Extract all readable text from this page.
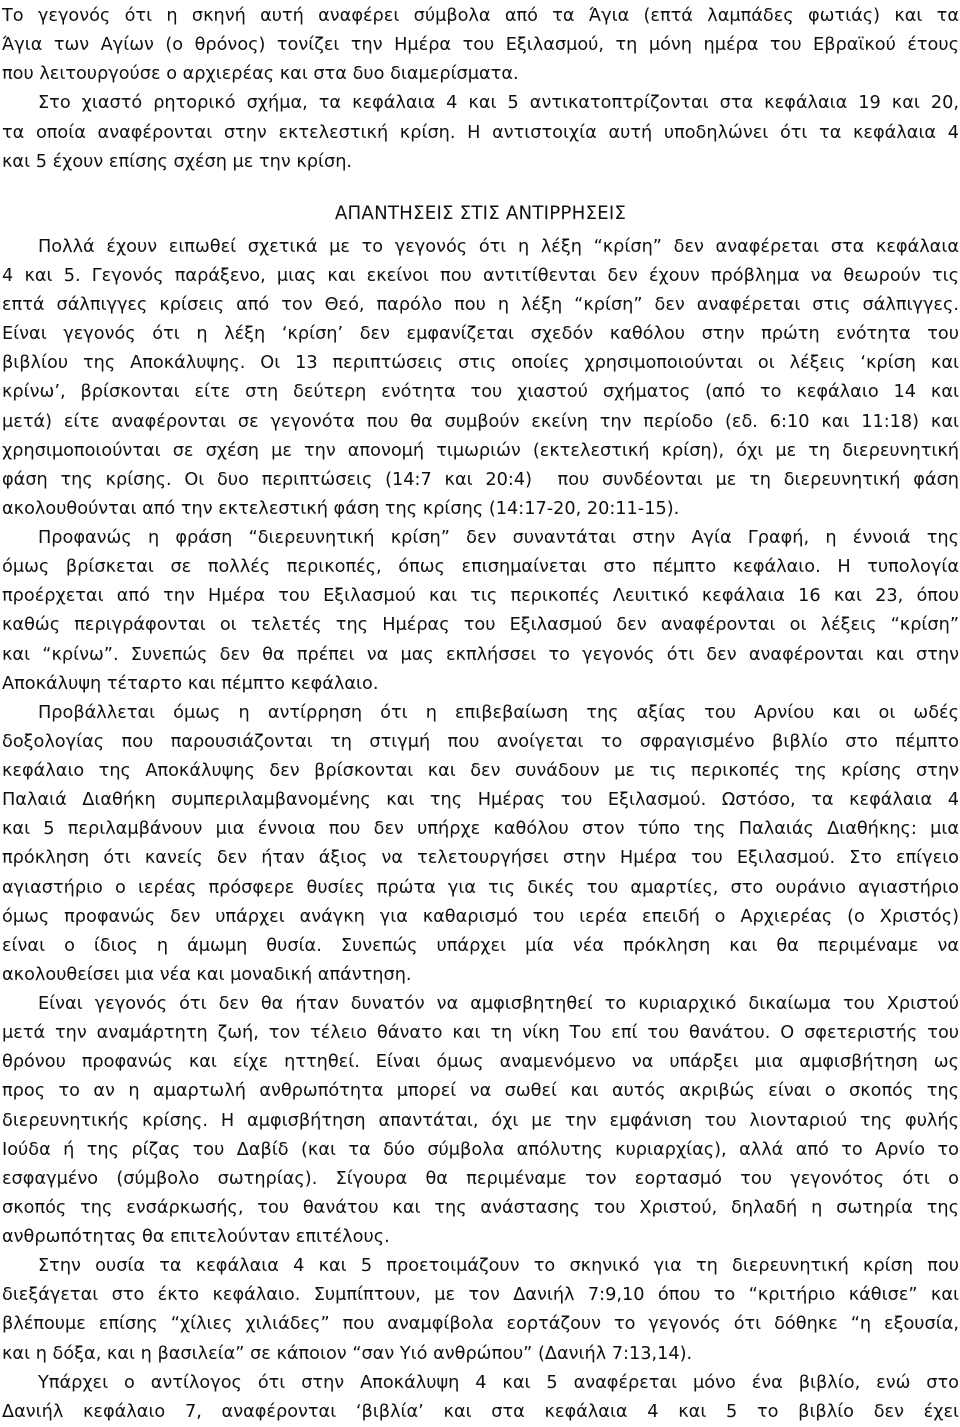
Το γεγονός ότι η σκηνή αυτή αναφέρει σύμβολα από τα Άγια (επτά λαμπάδες φωτιάς) και τα
Άγια των Αγίων (ο θρόνος) τονίζει την Ημέρα του Εξιλασμού, τη μόνη ημέρα του Εβραϊκού έτους
που λειτουργούσε ο αρχιερέας και στα δυο διαμερίσματα.
Στο χιαστό ρητορικό σχήμα, τα κεφάλαια 4 και 5 αντικατοπτρίζονται στα κεφάλαια 19 και 20,
τα οποία αναφέρονται στην εκτελεστική κρίση. Η αντιστοιχία αυτή υποδηλώνει ότι τα κεφάλαια 4
και 5 έχουν επίσης σχέση με την κρίση.
ΑΠΑΝΤΗΣΕΙΣ ΣΤΙΣ ΑΝΤΙΡΡΗΣΕΙΣ
Πολλά έχουν ειπωθεί σχετικά με το γεγονός ότι η λέξη “κρίση” δεν αναφέρεται στα κεφάλαια
4 και 5. Γεγονός παράξενο, μιας και εκείνοι που αντιτίθενται δεν έχουν πρόβλημα να θεωρούν τις
επτά σάλπιγγες κρίσεις από τον Θεό, παρόλο που η λέξη “κρίση” δεν αναφέρεται στις σάλπιγγες.
Είναι γεγονός ότι η λέξη ‘κρίση’ δεν εμφανίζεται σχεδόν καθόλου στην πρώτη ενότητα του
βιβλίου της Αποκάλυψης. Οι 13 περιπτώσεις στις οποίες χρησιμοποιούνται οι λέξεις ‘κρίση και
κρίνω’, βρίσκονται είτε στη δεύτερη ενότητα του χιαστού σχήματος (από το κεφάλαιο 14 και
μετά) είτε αναφέρονται σε γεγονότα που θα συμβούν εκείνη την περίοδο (εδ. 6:10 και 11:18) και
χρησιμοποιούνται σε σχέση με την απονομή τιμωριών (εκτελεστική κρίση), όχι με τη διερευνητική
φάση της κρίσης. Οι δυο περιπτώσεις (14:7 και 20:4)  που συνδέονται με τη διερευνητική φάση
ακολουθούνται από την εκτελεστική φάση της κρίσης (14:17-20, 20:11-15).
Προφανώς η φράση “διερευνητική κρίση” δεν συναντάται στην Αγία Γραφή, η έννοιά της
όμως βρίσκεται σε πολλές περικοπές, όπως επισημαίνεται στο πέμπτο κεφάλαιο. Η τυπολογία
προέρχεται από την Ημέρα του Εξιλασμού και τις περικοπές Λευιτικό κεφάλαια 16 και 23, όπου
καθώς περιγράφονται οι τελετές της Ημέρας του Εξιλασμού δεν αναφέρονται οι λέξεις “κρίση”
και “κρίνω”. Συνεπώς δεν θα πρέπει να μας εκπλήσσει το γεγονός ότι δεν αναφέρονται και στην
Αποκάλυψη τέταρτο και πέμπτο κεφάλαιο.
Προβάλλεται όμως η αντίρρηση ότι η επιβεβαίωση της αξίας του Αρνίου και οι ωδές
δοξολογίας που παρουσιάζονται τη στιγμή που ανοίγεται το σφραγισμένο βιβλίο στο πέμπτο
κεφάλαιο της Αποκάλυψης δεν βρίσκονται και δεν συνάδουν με τις περικοπές της κρίσης στην
Παλαιά Διαθήκη συμπεριλαμβανομένης και της Ημέρας του Εξιλασμού. Ωστόσο, τα κεφάλαια 4
και 5 περιλαμβάνουν μια έννοια που δεν υπήρχε καθόλου στον τύπο της Παλαιάς Διαθήκης: μια
πρόκληση ότι κανείς δεν ήταν άξιος να τελετουργήσει στην Ημέρα του Εξιλασμού. Στο επίγειο
αγιαστήριο ο ιερέας πρόσφερε θυσίες πρώτα για τις δικές του αμαρτίες, στο ουράνιο αγιαστήριο
όμως προφανώς δεν υπάρχει ανάγκη για καθαρισμό του ιερέα επειδή ο Αρχιερέας (ο Χριστός)
είναι ο ίδιος η άμωμη θυσία. Συνεπώς υπάρχει μία νέα πρόκληση και θα περιμέναμε να
ακολουθείσει μια νέα και μοναδική απάντηση.
Είναι γεγονός ότι δεν θα ήταν δυνατόν να αμφισβητηθεί το κυριαρχικό δικαίωμα του Χριστού
μετά την αναμάρτητη ζωή, τον τέλειο θάνατο και τη νίκη Του επί του θανάτου. Ο σφετεριστής του
θρόνου προφανώς και είχε ηττηθεί. Είναι όμως αναμενόμενο να υπάρξει μια αμφισβήτηση ως
προς το αν η αμαρτωλή ανθρωπότητα μπορεί να σωθεί και αυτός ακριβώς είναι ο σκοπός της
διερευνητικής κρίσης. Η αμφισβήτηση απαντάται, όχι με την εμφάνιση του λιονταριού της φυλής
Ιούδα ή της ρίζας του Δαβίδ (και τα δύο σύμβολα απόλυτης κυριαρχίας), αλλά από το Αρνίο το
εσφαγμένο (σύμβολο σωτηρίας). Σίγουρα θα περιμέναμε τον εορτασμό του γεγονότος ότι ο
σκοπός της ενσάρκωσής, του θανάτου και της ανάστασης του Χριστού, δηλαδή η σωτηρία της
ανθρωπότητας θα επιτελούνταν επιτέλους.
Στην ουσία τα κεφάλαια 4 και 5 προετοιμάζουν το σκηνικό για τη διερευνητική κρίση που
διεξάγεται στο έκτο κεφάλαιο. Συμπίπτουν, με τον Δανιήλ 7:9,10 όπου το “κριτήριο κάθισε” και
βλέπουμε επίσης “χίλιες χιλιάδες” που αναμφίβολα εορτάζουν το γεγονός ότι δόθηκε “η εξουσία,
και η δόξα, και η βασιλεία” σε κάποιον “σαν Υιό ανθρώπου” (Δανιήλ 7:13,14).
Υπάρχει ο αντίλογος ότι στην Αποκάλυψη 4 και 5 αναφέρεται μόνο ένα βιβλίο, ενώ στο
Δανιήλ κεφάλαιο 7, αναφέρονται ‘βιβλία’ και στα κεφάλαια 4 και 5 το βιβλίο δεν έχει
